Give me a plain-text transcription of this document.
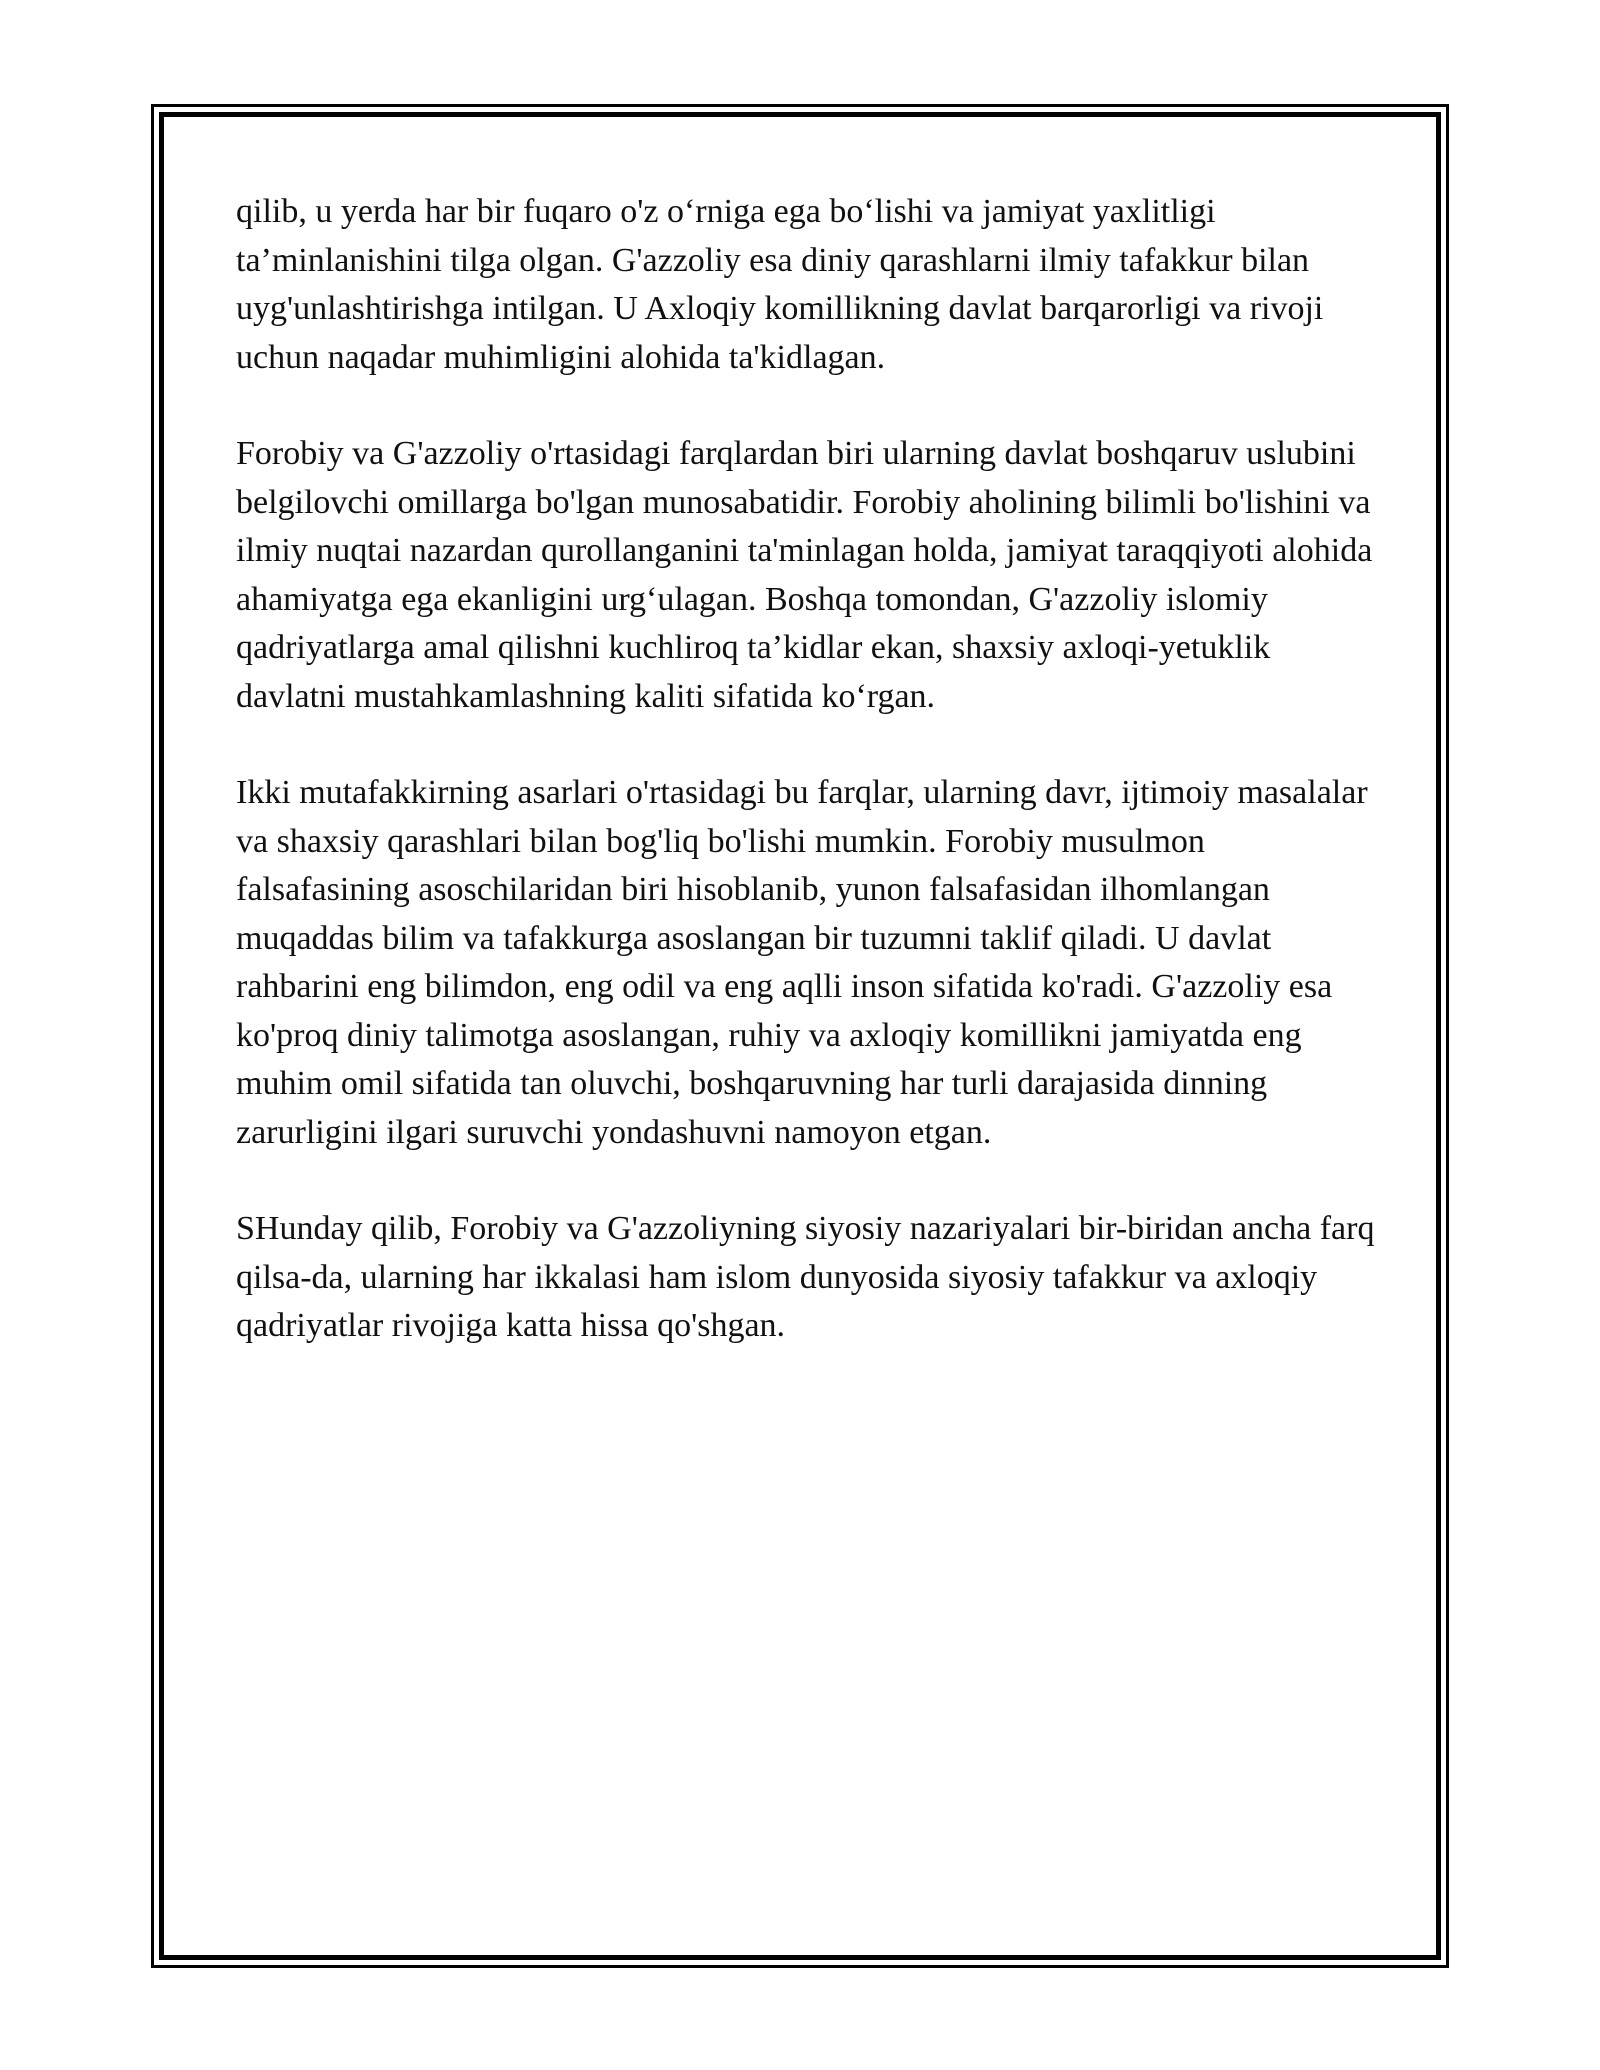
qilib, u yerda har bir fuqaro o'z o‘rniga ega bo‘lishi va jamiyat yaxlitligi ta’minlanishini tilga olgan. G'azzoliy esa diniy qarashlarni ilmiy tafakkur bilan uyg'unlashtirishga intilgan. U Axloqiy komillikning davlat barqarorligi va rivoji uchun naqadar muhimligini alohida ta'kidlagan.

Forobiy va G'azzoliy o'rtasidagi farqlardan biri ularning davlat boshqaruv uslubini belgilovchi omillarga bo'lgan munosabatidir. Forobiy aholining bilimli bo'lishini va ilmiy nuqtai nazardan qurollanganini ta'minlagan holda, jamiyat taraqqiyoti alohida ahamiyatga ega ekanligini urg‘ulagan. Boshqa tomondan, G'azzoliy islomiy qadriyatlarga amal qilishni kuchliroq ta’kidlar ekan, shaxsiy axloqi-yetuklik davlatni mustahkamlashning kaliti sifatida ko‘rgan.

Ikki mutafakkirning asarlari o'rtasidagi bu farqlar, ularning davr, ijtimoiy masalalar va shaxsiy qarashlari bilan bog'liq bo'lishi mumkin. Forobiy musulmon falsafasining asoschilaridan biri hisoblanib, yunon falsafasidan ilhomlangan muqaddas bilim va tafakkurga asoslangan bir tuzumni taklif qiladi. U davlat rahbarini eng bilimdon, eng odil va eng aqlli inson sifatida ko'radi. G'azzoliy esa ko'proq diniy talimotga asoslangan, ruhiy va axloqiy komillikni jamiyatda eng muhim omil sifatida tan oluvchi, boshqaruvning har turli darajasida dinning zarurligini ilgari suruvchi yondashuvni namoyon etgan.

SHunday qilib, Forobiy va G'azzoliyning siyosiy nazariyalari bir-biridan ancha farq qilsa-da, ularning har ikkalasi ham islom dunyosida siyosiy tafakkur va axloqiy qadriyatlar rivojiga katta hissa qo'shgan.
